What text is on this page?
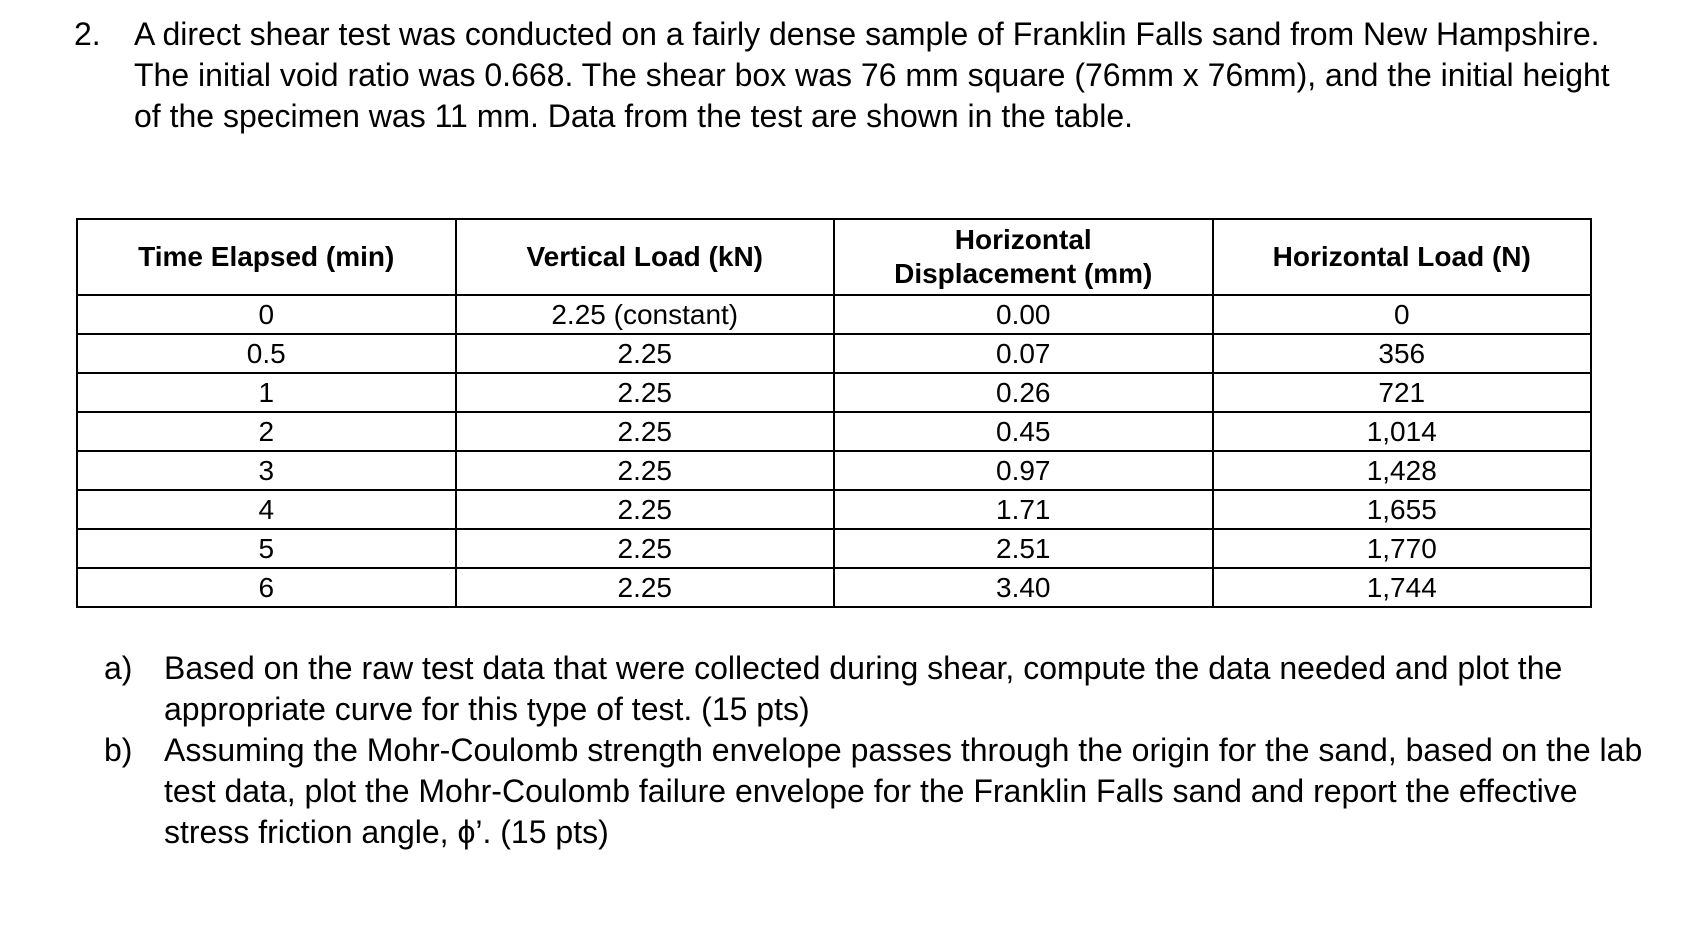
2. A direct shear test was conducted on a fairly dense sample of Franklin Falls sand from New Hampshire. The initial void ratio was 0.668. The shear box was 76 mm square (76mm x 76mm), and the initial height of the specimen was 11 mm. Data from the test are shown in the table.
Time Elapsed (min)	Vertical Load (kN)	Horizontal Displacement (mm)	Horizontal Load (N)
0	2.25 (constant)	0.00	0
0.5	2.25	0.07	356
1	2.25	0.26	721
2	2.25	0.45	1,014
3	2.25	0.97	1,428
4	2.25	1.71	1,655
5	2.25	2.51	1,770
6	2.25	3.40	1,744
a) Based on the raw test data that were collected during shear, compute the data needed and plot the appropriate curve for this type of test. (15 pts)
b) Assuming the Mohr-Coulomb strength envelope passes through the origin for the sand, based on the lab test data, plot the Mohr-Coulomb failure envelope for the Franklin Falls sand and report the effective stress friction angle, ϕ’. (15 pts)
